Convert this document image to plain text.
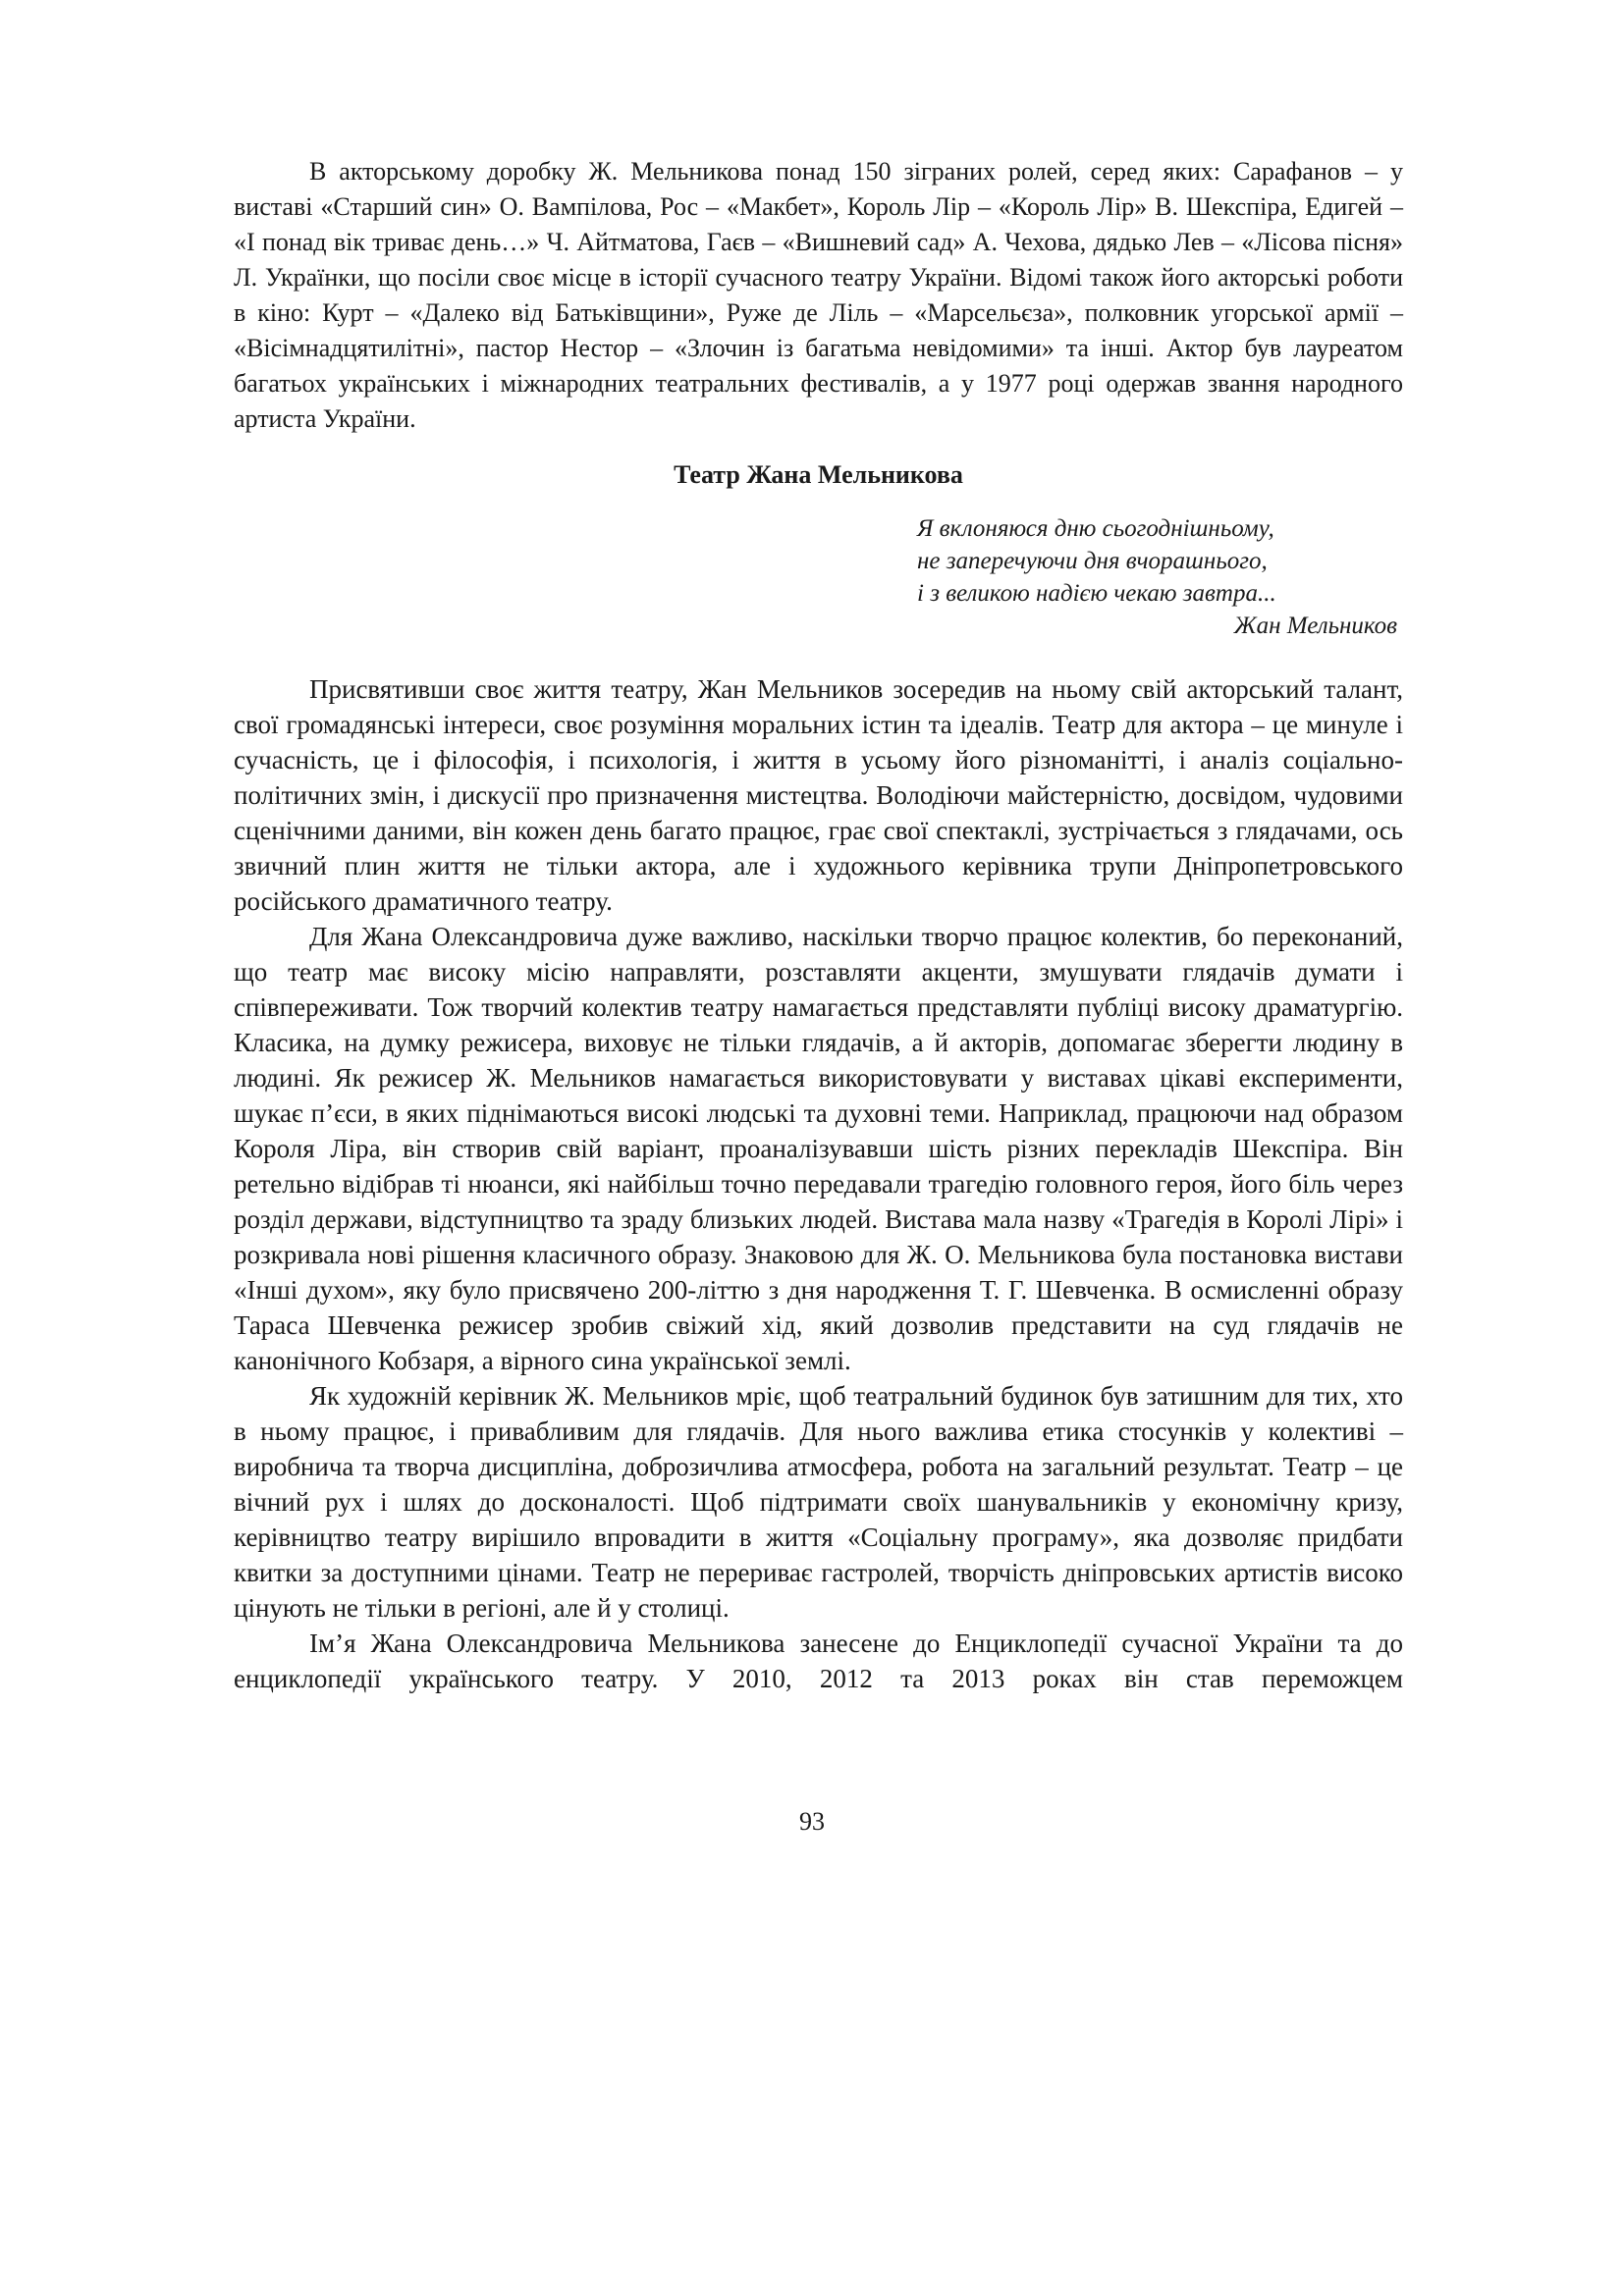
В акторському доробку Ж. Мельникова понад 150 зіграних ролей, серед яких: Сарафанов – у виставі «Старший син» О. Вампілова, Рос – «Макбет», Король Лір – «Король Лір» В. Шекспіра, Едигей – «І понад вік триває день…» Ч. Айтматова, Гаєв – «Вишневий сад» А. Чехова, дядько Лев – «Лісова пісня» Л. Українки, що посіли своє місце в історії сучасного театру України. Відомі також його акторські роботи в кіно: Курт – «Далеко від Батьківщини», Руже де Ліль – «Марсельєза», полковник угорської армії – «Вісімнадцятилітні», пастор Нестор – «Злочин із багатьма невідомими» та інші. Актор був лауреатом багатьох українських і міжнародних театральних фестивалів, а у 1977 році одержав звання народного артиста України.

Театр Жана Мельникова
Я вклоняюся дню сьогоднішньому,
не заперечуючи дня вчорашнього,
і з великою надією чекаю завтра...
Жан Мельников

Присвятивши своє життя театру, Жан Мельников зосередив на ньому свій акторський талант, свої громадянські інтереси, своє розуміння моральних істин та ідеалів. Театр для актора – це минуле і сучасність, це і філософія, і психологія, і життя в усьому його різноманітті, і аналіз соціально-політичних змін, і дискусії про призначення мистецтва. Володіючи майстерністю, досвідом, чудовими сценічними даними, він кожен день багато працює, грає свої спектаклі, зустрічається з глядачами, ось звичний плин життя не тільки актора, але і художнього керівника трупи Дніпропетровського російського драматичного театру.

Для Жана Олександровича дуже важливо, наскільки творчо працює колектив, бо переконаний, що театр має високу місію направляти, розставляти акценти, змушувати глядачів думати і співпереживати. Тож творчий колектив театру намагається представляти публіці високу драматургію. Класика, на думку режисера, виховує не тільки глядачів, а й акторів, допомагає зберегти людину в людині. Як режисер Ж. Мельников намагається використовувати у виставах цікаві експерименти, шукає п’єси, в яких піднімаються високі людські та духовні теми. Наприклад, працюючи над образом Короля Ліра, він створив свій варіант, проаналізувавши шість різних перекладів Шекспіра. Він ретельно відібрав ті нюанси, які найбільш точно передавали трагедію головного героя, його біль через розділ держави, відступництво та зраду близьких людей. Вистава мала назву «Трагедія в Королі Лірі» і розкривала нові рішення класичного образу. Знаковою для Ж. О. Мельникова була постановка вистави «Інші духом», яку було присвячено 200-літтю з дня народження Т. Г. Шевченка. В осмисленні образу Тараса Шевченка режисер зробив свіжий хід, який дозволив представити на суд глядачів не канонічного Кобзаря, а вірного сина української землі.

Як художній керівник Ж. Мельников мріє, щоб театральний будинок був затишним для тих, хто в ньому працює, і привабливим для глядачів. Для нього важлива етика стосунків у колективі – виробнича та творча дисципліна, доброзичлива атмосфера, робота на загальний результат. Театр – це вічний рух і шлях до досконалості. Щоб підтримати своїх шанувальників у економічну кризу, керівництво театру вирішило впровадити в життя «Соціальну програму», яка дозволяє придбати квитки за доступними цінами. Театр не перериває гастролей, творчість дніпровських артистів високо цінують не тільки в регіоні, але й у столиці.

Ім’я Жана Олександровича Мельникова занесене до Енциклопедії сучасної України та до енциклопедії українського театру. У 2010, 2012 та 2013 роках він став переможцем

93
